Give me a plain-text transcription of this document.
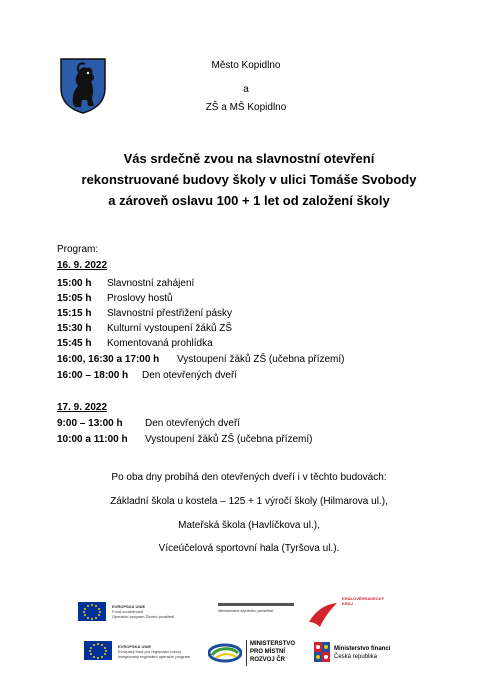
Město Kopidlno
a
ZŠ a MŠ Kopidlno
Vás srdečně zvou na slavnostní otevření
rekonstruované budovy školy v ulici Tomáše Svobody
a zároveň oslavu 100 + 1 let od založení školy
Program:
16. 9. 2022
15:00 h Slavnostní zahájení
15:05 h Proslovy hostů
15:15 h Slavnostní přestřižení pásky
15:30 h Kulturní vystoupení žáků ZŠ
15:45 h Komentovaná prohlídka
16:00, 16:30 a 17:00 h Vystoupení žáků ZŠ (učebna přízemí)
16:00 – 18:00 h Den otevřených dveří
17. 9. 2022
9:00 – 13:00 h Den otevřených dveří
10:00 a 11:00 h Vystoupení žáků ZŠ (učebna přízemí)
Po oba dny probíhá den otevřených dveří i v těchto budovách:
Základní škola u kostela – 125 + 1 výročí školy (Hilmarova ul.),
Mateřská škola (Havlíčkova ul.),
Víceúčelová sportovní hala (Tyršova ul.).
EVROPSKÁ UNIE
Fond soudržnosti
Operační program Životní prostředí
Ministerstvo životního prostředí
KRÁLOVÉHRADECKÝ
KRAJ
EVROPSKÁ UNIE
Evropský fond pro regionální rozvoj
Integrovaný regionální operační program
MINISTERSTVO
PRO MÍSTNÍ
ROZVOJ ČR
Ministerstvo financí
Česká republika
